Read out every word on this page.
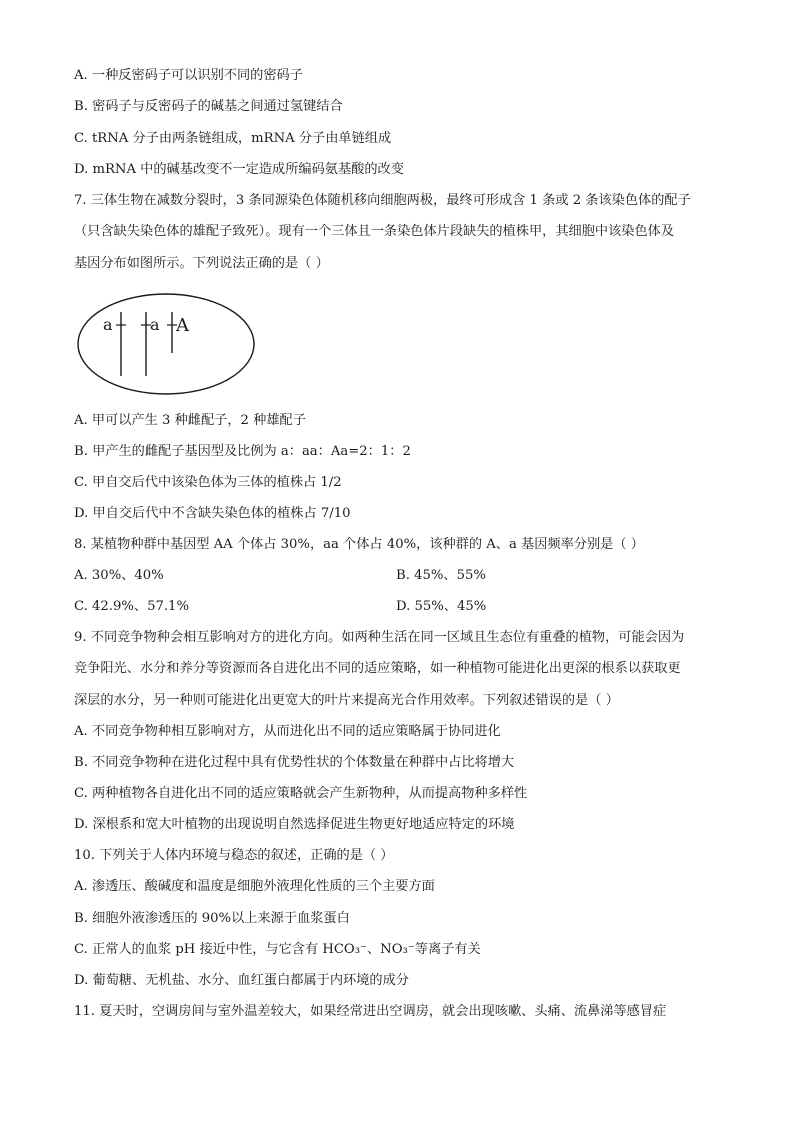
A. 一种反密码子可以识别不同的密码子
B. 密码子与反密码子的碱基之间通过氢键结合
C. tRNA 分子由两条链组成，mRNA 分子由单链组成
D. mRNA 中的碱基改变不一定造成所编码氨基酸的改变
7. 三体生物在减数分裂时，3 条同源染色体随机移向细胞两极，最终可形成含 1 条或 2 条该染色体的配子
（只含缺失染色体的雄配子致死）。现有一个三体且一条染色体片段缺失的植株甲，其细胞中该染色体及
基因分布如图所示。下列说法正确的是（ ）
a a A
A. 甲可以产生 3 种雌配子，2 种雄配子
B. 甲产生的雌配子基因型及比例为 a：aa：Aa=2：1：2
C. 甲自交后代中该染色体为三体的植株占 1/2
D. 甲自交后代中不含缺失染色体的植株占 7/10
8. 某植物种群中基因型 AA 个体占 30%，aa 个体占 40%，该种群的 A、a 基因频率分别是（ ）
A. 30%、40%	B. 45%、55%
C. 42.9%、57.1%	D. 55%、45%
9. 不同竞争物种会相互影响对方的进化方向。如两种生活在同一区域且生态位有重叠的植物，可能会因为
竞争阳光、水分和养分等资源而各自进化出不同的适应策略，如一种植物可能进化出更深的根系以获取更
深层的水分，另一种则可能进化出更宽大的叶片来提高光合作用效率。下列叙述错误的是（ ）
A. 不同竞争物种相互影响对方，从而进化出不同的适应策略属于协同进化
B. 不同竞争物种在进化过程中具有优势性状的个体数量在种群中占比将增大
C. 两种植物各自进化出不同的适应策略就会产生新物种，从而提高物种多样性
D. 深根系和宽大叶植物的出现说明自然选择促进生物更好地适应特定的环境
10. 下列关于人体内环境与稳态的叙述，正确的是（ ）
A. 渗透压、酸碱度和温度是细胞外液理化性质的三个主要方面
B. 细胞外液渗透压的 90%以上来源于血浆蛋白
C. 正常人的血浆 pH 接近中性，与它含有 HCO₃⁻、NO₃⁻等离子有关
D. 葡萄糖、无机盐、水分、血红蛋白都属于内环境的成分
11. 夏天时，空调房间与室外温差较大，如果经常进出空调房，就会出现咳嗽、头痛、流鼻涕等感冒症
